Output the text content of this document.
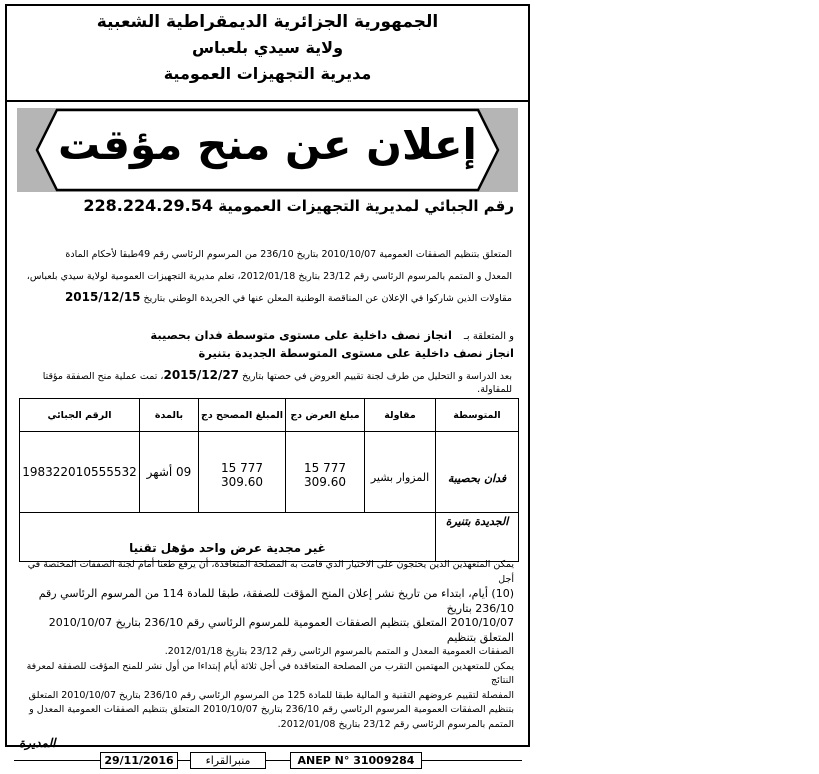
الجمهورية الجزائرية الديمقراطية الشعبية
ولاية سيدي بلعباس
مديرية التجهيزات العمومية
إعلان عن منح مؤقت
رقم الجبائي لمديرية التجهيزات العمومية 228.224.29.54
المتعلق بتنظيم الصفقات العمومية 2010/10/07 بتاريخ 236/10 من المرسوم الرئاسي رقم 49طبقا لأحكام المادة
المعدل و المتمم بالمرسوم الرئاسي رقم 23/12 بتاريخ 2012/01/18، تعلم مديرية التجهيزات العمومية لولاية سيدي بلعباس،
مقاولات الذين شاركوا في الإعلان عن المناقصة الوطنية المعلن عنها في الجريدة الوطني بتاريخ 2015/12/15
و المتعلقة بـ   انجاز نصف داخلية على مستوى متوسطة فدان بحصيبة
انجاز نصف داخلية على مستوى المتوسطة الجديدة بتنيرة
بعد الدراسة و التحليل من طرف لجنة تقييم العروض في حصتها بتاريخ 2015/12/27، تمت عملية منح الصفقة مؤقتا للمقاولة.
المتوسطة	مقاولة	مبلغ العرض دج	المبلغ المصحح دج	بالمدة	الرقم الجبائي
فدان بحصيبة	المزوار بشير	15 777 309.60	15 777 309.60	09 أشهر	198322010555532
الجديدة بتنيرة	غير مجدية عرض واحد مؤهل تقنيا				
يمكن المتعهدين الذين يحتجون على الاختيار الذي قامت به المصلحة المتعاقدة، أن يرفع طعنا أمام لجنة الصفقات المختصة في أجل
(10) أيام، ابتداء من تاريخ نشر إعلان المنح المؤقت للصفقة، طبقا للمادة 114 من المرسوم الرئاسي رقم 236/10 بتاريخ
2010/10/07 المتعلق بتنظيم الصفقات العمومية للمرسوم الرئاسي رقم 236/10 بتاريخ 2010/10/07 المتعلق بتنظيم
الصفقات العمومية المعدل و المتمم بالمرسوم الرئاسي رقم 23/12 بتاريخ 2012/01/18.
يمكن للمتعهدين المهتمين التقرب من المصلحة المتعاقدة في أجل ثلاثة أيام إبتداءا من أول نشر للمنح المؤقت للصفقة لمعرفة النتائج
المفصلة لتقييم عروضهم التقنية و المالية طبقا للمادة 125 من المرسوم الرئاسي رقم 236/10 بتاريخ 2010/10/07 المتعلق
بتنظيم الصفقات العمومية المرسوم الرئاسي رقم 236/10 بتاريخ 2010/10/07 المتعلق بتنظيم الصفقات العمومية المعدل و
المتمم بالمرسوم الرئاسي رقم 23/12 بتاريخ 2012/01/08.
المديرة
29/11/2016	منبرالقراء	ANEP N° 31009284
